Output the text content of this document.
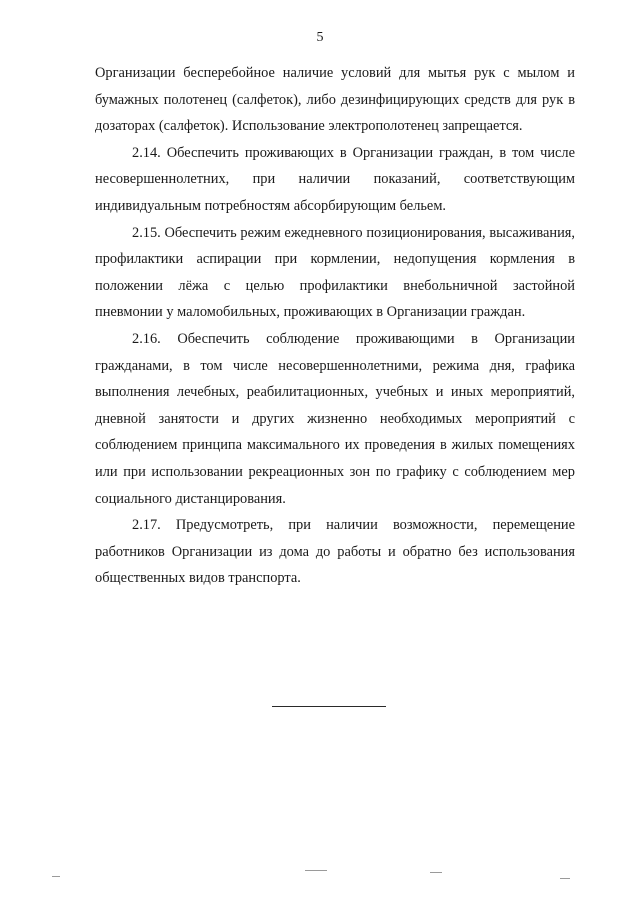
5

Организации бесперебойное наличие условий для мытья рук с мылом и бумажных полотенец (салфеток), либо дезинфицирующих средств для рук в дозаторах (салфеток). Использование электрополотенец запрещается.

2.14. Обеспечить проживающих в Организации граждан, в том числе несовершеннолетних, при наличии показаний, соответствующим индивидуальным потребностям абсорбирующим бельем.

2.15. Обеспечить режим ежедневного позиционирования, высаживания, профилактики аспирации при кормлении, недопущения кормления в положении лёжа с целью профилактики внебольничной застойной пневмонии у маломобильных, проживающих в Организации граждан.

2.16. Обеспечить соблюдение проживающими в Организации гражданами, в том числе несовершеннолетними, режима дня, графика выполнения лечебных, реабилитационных, учебных и иных мероприятий, дневной занятости и других жизненно необходимых мероприятий с соблюдением принципа максимального их проведения в жилых помещениях или при использовании рекреационных зон по графику с соблюдением мер социального дистанцирования.

2.17. Предусмотреть, при наличии возможности, перемещение работников Организации из дома до работы и обратно без использования общественных видов транспорта.
